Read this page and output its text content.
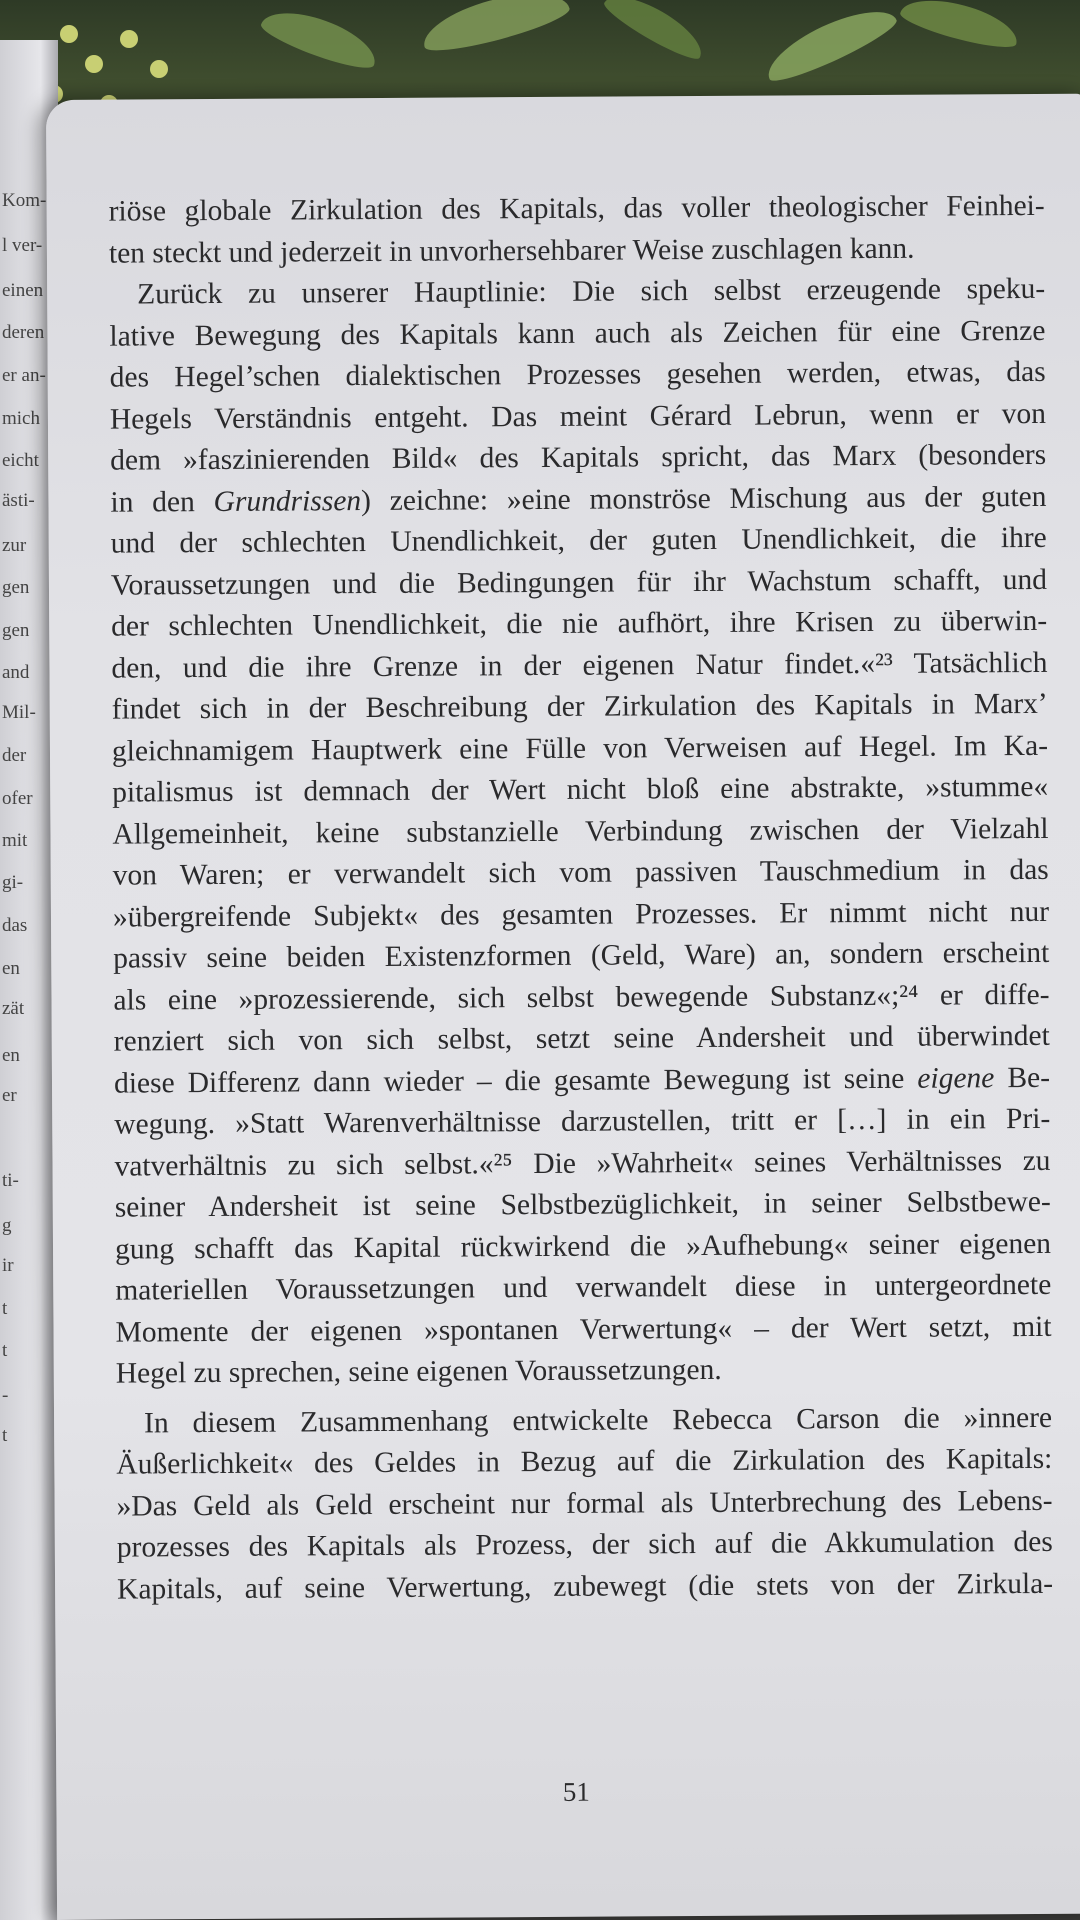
Kom-
l ver-
einen
deren
er an-
mich
eicht
ästi-
zur
gen
gen
and
Mil-
der
ofer
mit
gi-
das
en
zät
en
er
ti-
g
ir
t
t
-
t
riöse globale Zirkulation des Kapitals, das voller theologischer Feinhei-
ten steckt und jederzeit in unvorhersehbarer Weise zuschlagen kann.
Zurück zu unserer Hauptlinie: Die sich selbst erzeugende speku-
lative Bewegung des Kapitals kann auch als Zeichen für eine Grenze
des Hegel’schen dialektischen Prozesses gesehen werden, etwas, das
Hegels Verständnis entgeht. Das meint Gérard Lebrun, wenn er von
dem »faszinierenden Bild« des Kapitals spricht, das Marx (besonders
in den Grundrissen) zeichne: »eine monströse Mischung aus der guten
und der schlechten Unendlichkeit, der guten Unendlichkeit, die ihre
Voraussetzungen und die Bedingungen für ihr Wachstum schafft, und
der schlechten Unendlichkeit, die nie aufhört, ihre Krisen zu überwin-
den, und die ihre Grenze in der eigenen Natur findet.«²³ Tatsächlich
findet sich in der Beschreibung der Zirkulation des Kapitals in Marx’
gleichnamigem Hauptwerk eine Fülle von Verweisen auf Hegel. Im Ka-
pitalismus ist demnach der Wert nicht bloß eine abstrakte, »stumme«
Allgemeinheit, keine substanzielle Verbindung zwischen der Vielzahl
von Waren; er verwandelt sich vom passiven Tauschmedium in das
»übergreifende Subjekt« des gesamten Prozesses. Er nimmt nicht nur
passiv seine beiden Existenzformen (Geld, Ware) an, sondern erscheint
als eine »prozessierende, sich selbst bewegende Substanz«;²⁴ er diffe-
renziert sich von sich selbst, setzt seine Andersheit und überwindet
diese Differenz dann wieder – die gesamte Bewegung ist seine eigene Be-
wegung. »Statt Warenverhältnisse darzustellen, tritt er […] in ein Pri-
vatverhältnis zu sich selbst.«²⁵ Die »Wahrheit« seines Verhältnisses zu
seiner Andersheit ist seine Selbstbezüglichkeit, in seiner Selbstbewe-
gung schafft das Kapital rückwirkend die »Aufhebung« seiner eigenen
materiellen Voraussetzungen und verwandelt diese in untergeordnete
Momente der eigenen »spontanen Verwertung« – der Wert setzt, mit
Hegel zu sprechen, seine eigenen Voraussetzungen.
In diesem Zusammenhang entwickelte Rebecca Carson die »innere
Äußerlichkeit« des Geldes in Bezug auf die Zirkulation des Kapitals:
»Das Geld als Geld erscheint nur formal als Unterbrechung des Lebens-
prozesses des Kapitals als Prozess, der sich auf die Akkumulation des
Kapitals, auf seine Verwertung, zubewegt (die stets von der Zirkula-
51
